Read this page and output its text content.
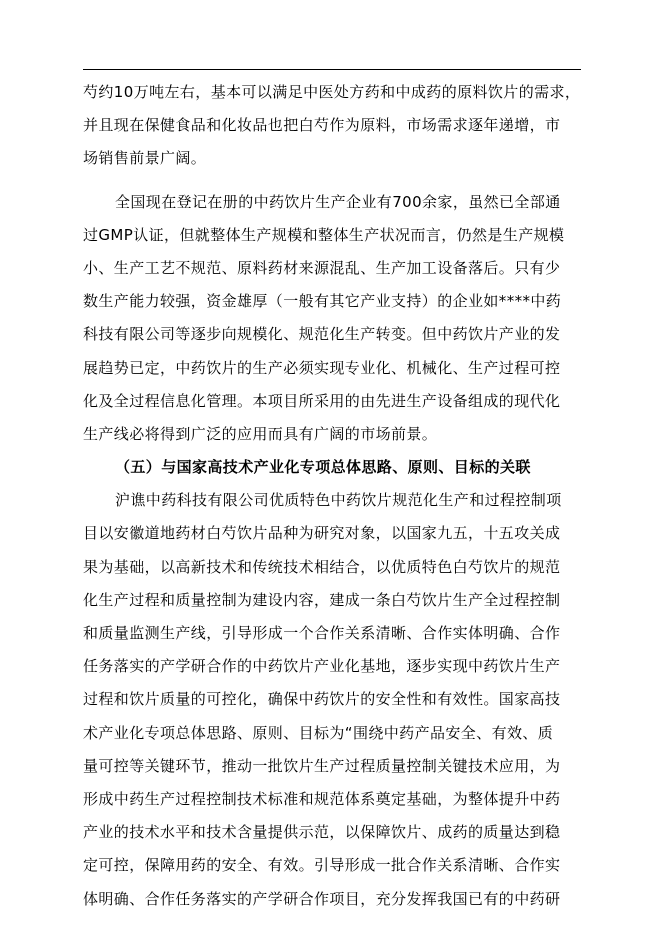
芍约10万吨左右，基本可以满足中医处方药和中成药的原料饮片的需求，
并且现在保健食品和化妆品也把白芍作为原料，市场需求逐年递增，市
场销售前景广阔。
全国现在登记在册的中药饮片生产企业有700余家，虽然已全部通
过GMP认证，但就整体生产规模和整体生产状况而言，仍然是生产规模
小、生产工艺不规范、原料药材来源混乱、生产加工设备落后。只有少
数生产能力较强，资金雄厚（一般有其它产业支持）的企业如****中药
科技有限公司等逐步向规模化、规范化生产转变。但中药饮片产业的发
展趋势已定，中药饮片的生产必须实现专业化、机械化、生产过程可控
化及全过程信息化管理。本项目所采用的由先进生产设备组成的现代化
生产线必将得到广泛的应用而具有广阔的市场前景。
（五）与国家高技术产业化专项总体思路、原则、目标的关联
沪谯中药科技有限公司优质特色中药饮片规范化生产和过程控制项
目以安徽道地药材白芍饮片品种为研究对象，以国家九五，十五攻关成
果为基础，以高新技术和传统技术相结合，以优质特色白芍饮片的规范
化生产过程和质量控制为建设内容，建成一条白芍饮片生产全过程控制
和质量监测生产线，引导形成一个合作关系清晰、合作实体明确、合作
任务落实的产学研合作的中药饮片产业化基地，逐步实现中药饮片生产
过程和饮片质量的可控化，确保中药饮片的安全性和有效性。国家高技
术产业化专项总体思路、原则、目标为“围绕中药产品安全、有效、质
量可控等关键环节，推动一批饮片生产过程质量控制关键技术应用，为
形成中药生产过程控制技术标准和规范体系奠定基础，为整体提升中药
产业的技术水平和技术含量提供示范，以保障饮片、成药的质量达到稳
定可控，保障用药的安全、有效。引导形成一批合作关系清晰、合作实
体明确、合作任务落实的产学研合作项目，充分发挥我国已有的中药研
